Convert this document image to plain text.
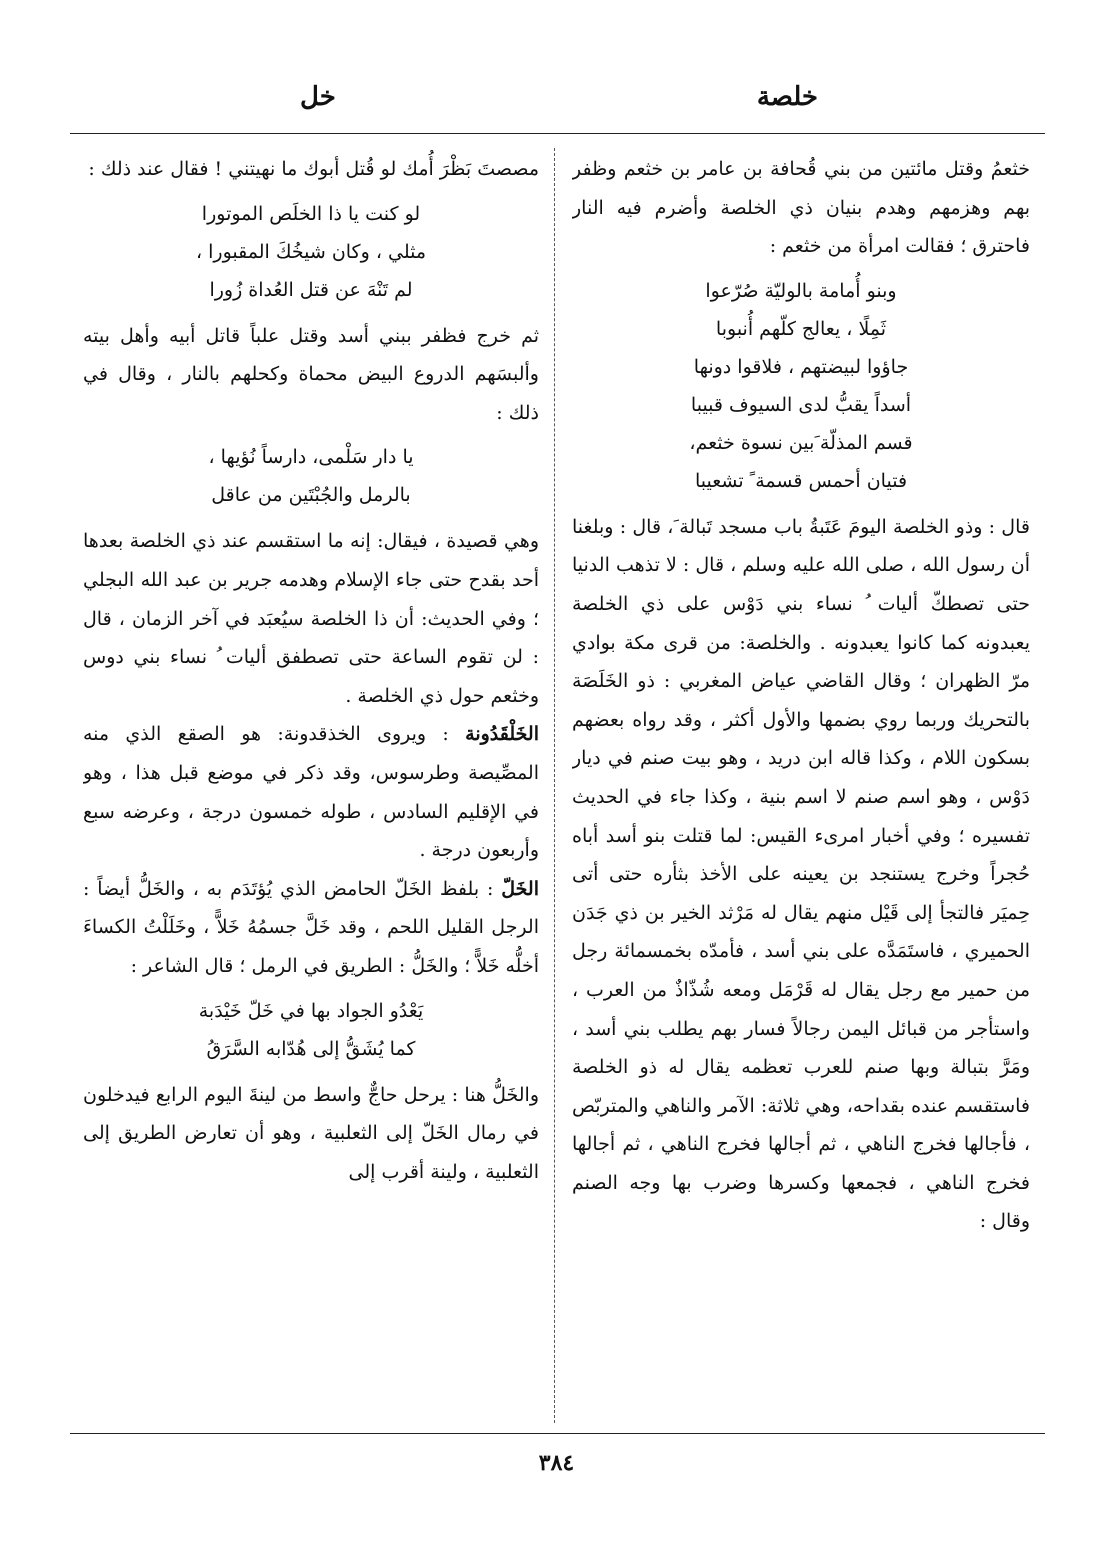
خلصة
خل

خثعمُ وقتل مائتين من بني قُحافة بن عامر بن خثعم وظفر بهم وهزمهم وهدم بنيان ذي الخلصة وأضرم فيه النار فاحترق ؛ فقالت امرأة من خثعم :

وبنو أُمامة بالوليّة صُرّعوا
ثَمِلًا ، يعالج كلّهم أُنبوبا
جاؤوا لبيضتهم ، فلاقوا دونها
أسداً يقبُّ لدى السيوف قبيبا
قسم المذلّة َبين نسوة خثعم،
فتيان أحمس قسمة ً تشعيبا

قال : وذو الخلصة اليومَ عَتَبةُ باب مسجد تَبالة َ، قال : وبلغنا أن رسول الله ، صلى الله عليه وسلم ، قال : لا تذهب الدنيا حتى تصطكّ أليات ُ نساء بني دَوْس على ذي الخلصة يعبدونه كما كانوا يعبدونه . والخلصة: من قرى مكة بوادي مرّ الظهران ؛ وقال القاضي عياض المغربي : ذو الخَلَصَة بالتحريك وربما روي بضمها والأول أكثر ، وقد رواه بعضهم بسكون اللام ، وكذا قاله ابن دريد ، وهو بيت صنم في ديار دَوْس ، وهو اسم صنم لا اسم بنية ، وكذا جاء في الحديث تفسيره ؛ وفي أخبار امرىء القيس: لما قتلت بنو أسد أباه حُجراً وخرج يستنجد بن يعينه على الأخذ بثأره حتى أتى حِميَر فالتجأ إلى قَيْل منهم يقال له مَرْثد الخير بن ذي جَدَن الحميري ، فاستَمَدَّه على بني أسد ، فأمدّه بخمسمائة رجل من حمير مع رجل يقال له قَرْمَل ومعه شُذّاذٌ من العرب ، واستأجر من قبائل اليمن رجالاً فسار بهم يطلب بني أسد ، ومَرَّ بتبالة وبها صنم للعرب تعظمه يقال له ذو الخلصة فاستقسم عنده بقداحه، وهي ثلاثة: الآمر والناهي والمتربّص ، فأجالها فخرج الناهي ، ثم أجالها فخرج الناهي ، ثم أجالها فخرج الناهي ، فجمعها وكسرها وضرب بها وجه الصنم وقال :

مصصتَ بَظْرَ أُمك لو قُتل أبوك ما نهيتني ! فقال عند ذلك :

لو كنت يا ذا الخلَص الموتورا
مثلي ، وكان شيخُكَ المقبورا ،
لم تَنْهَ عن قتل العُداة زُورا

ثم خرج فظفر ببني أسد وقتل علباً قاتل أبيه وأهل بيته وألبسَهم الدروع البيض محماة وكحلهم بالنار ، وقال في ذلك :

يا دار سَلْمى، دارساً نُؤيها ،
بالرمل والجُبْتَين من عاقل

وهي قصيدة ، فيقال: إنه ما استقسم عند ذي الخلصة بعدها أحد بقدح حتى جاء الإسلام وهدمه جرير بن عبد الله البجلي ؛ وفي الحديث: أن ذا الخلصة سيُعبَد في آخر الزمان ، قال : لن تقوم الساعة حتى تصطفق أليات ُ نساء بني دوس وخثعم حول ذي الخلصة .

الخَلْقَدُونة : ويروى الخذقدونة: هو الصقع الذي منه المصِّيصة وطرسوس، وقد ذكر في موضع قبل هذا ، وهو في الإقليم السادس ، طوله خمسون درجة ، وعرضه سبع وأربعون درجة .

الخَلّ : بلفظ الخَلّ الحامض الذي يُؤتَدَم به ، والخَلُّ أيضاً : الرجل القليل اللحم ، وقد خَلَّ جسمُهُ خَلاًّ ، وخَلَلْتُ الكساءَ أخلُّه خَلاًّ ؛ والخَلُّ : الطريق في الرمل ؛ قال الشاعر :

يَعْدُو الجواد بها في خَلّ خَيْدَبة
كما يُشَقُّ إلى هُدّابه السَّرَقُ

والخَلُّ هنا : يرحل حاجٌّ واسط من لينةَ اليوم الرابع فيدخلون في رمال الخَلّ إلى الثعلبية ، وهو أن تعارض الطريق إلى الثعلبية ، ولينة أقرب إلى

٣٨٤
